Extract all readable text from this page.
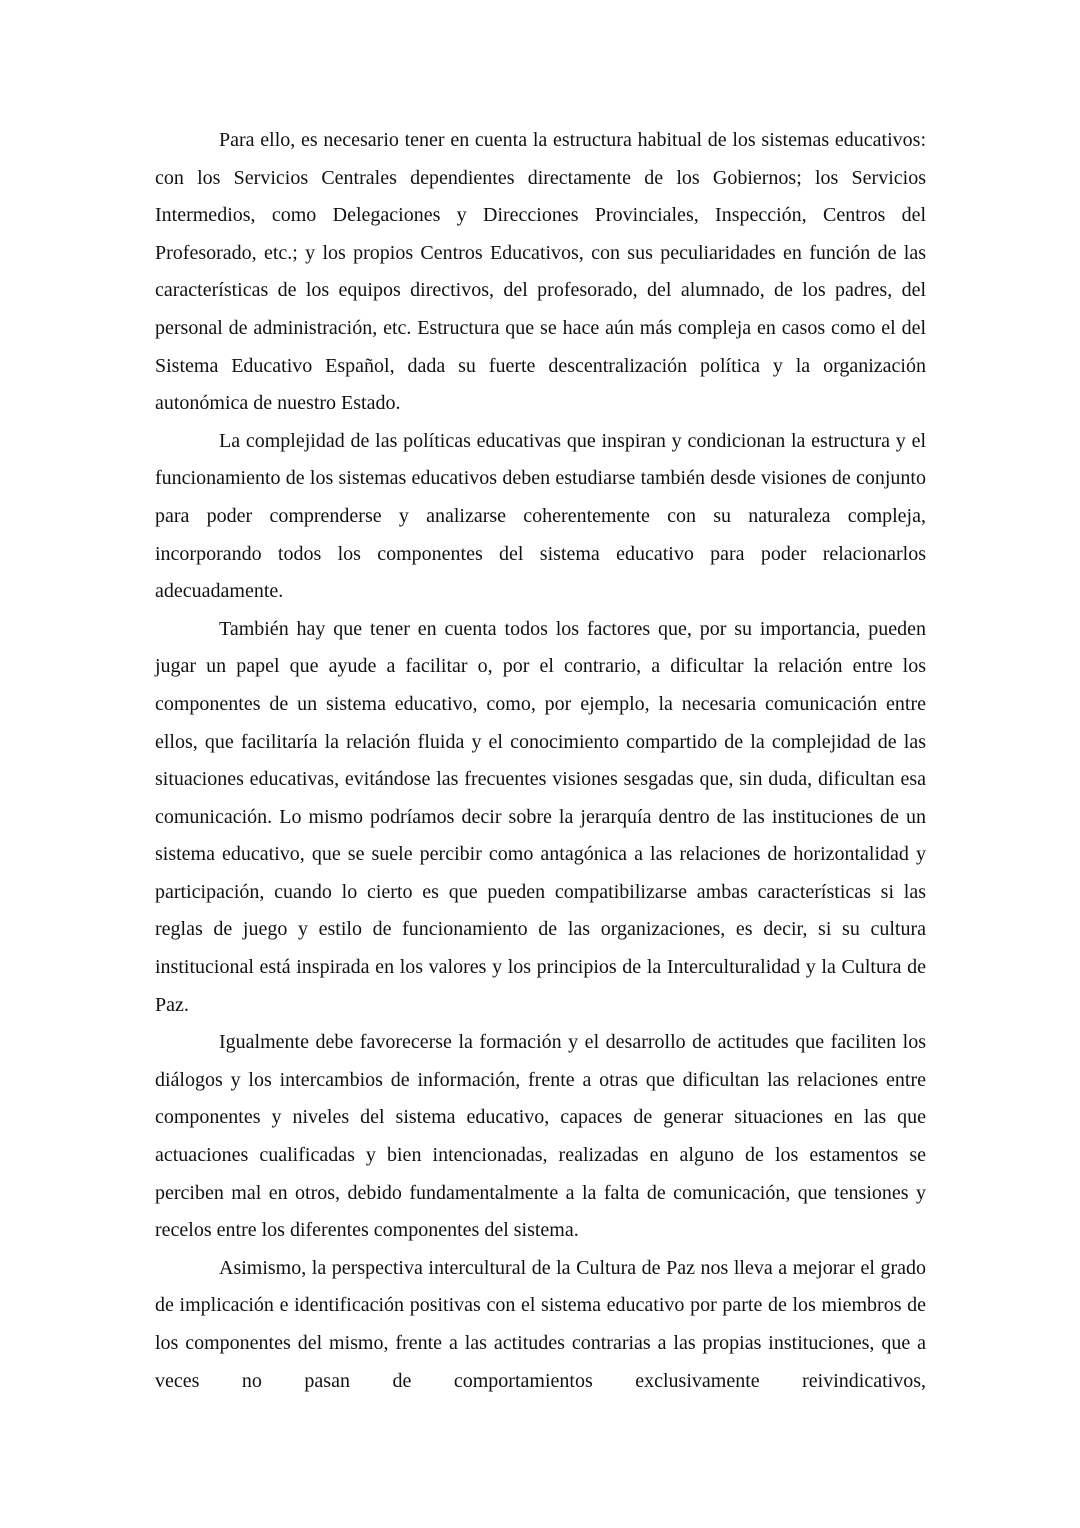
Para ello, es necesario tener en cuenta la estructura habitual de los sistemas educativos: con los Servicios Centrales dependientes directamente de los Gobiernos; los Servicios Intermedios, como Delegaciones y Direcciones Provinciales, Inspección, Centros del Profesorado, etc.; y los propios Centros Educativos, con sus peculiaridades en función de las características de los equipos directivos, del profesorado, del alumnado, de los padres, del personal de administración, etc. Estructura que se hace aún más compleja en casos como el del Sistema Educativo Español, dada su fuerte descentralización política y la organización autonómica de nuestro Estado.

La complejidad de las políticas educativas que inspiran y condicionan la estructura y el funcionamiento de los sistemas educativos deben estudiarse también desde visiones de conjunto para poder comprenderse y analizarse coherentemente con su naturaleza compleja, incorporando todos los componentes del sistema educativo para poder relacionarlos adecuadamente.

También hay que tener en cuenta todos los factores que, por su importancia, pueden jugar un papel que ayude a facilitar o, por el contrario, a dificultar la relación entre los componentes de un sistema educativo, como, por ejemplo, la necesaria comunicación entre ellos, que facilitaría la relación fluida y el conocimiento compartido de la complejidad de las situaciones educativas, evitándose las frecuentes visiones sesgadas que, sin duda, dificultan esa comunicación. Lo mismo podríamos decir sobre la jerarquía dentro de las instituciones de un sistema educativo, que se suele percibir como antagónica a las relaciones de horizontalidad y participación, cuando lo cierto es que pueden compatibilizarse ambas características si las reglas de juego y estilo de funcionamiento de las organizaciones, es decir, si su cultura institucional está inspirada en los valores y los principios de la Interculturalidad y la Cultura de Paz.

Igualmente debe favorecerse la formación y el desarrollo de actitudes que faciliten los diálogos y los intercambios de información, frente a otras que dificultan las relaciones entre componentes y niveles del sistema educativo, capaces de generar situaciones en las que actuaciones cualificadas y bien intencionadas, realizadas en alguno de los estamentos se perciben mal en otros, debido fundamentalmente a la falta de comunicación, que tensiones y recelos entre los diferentes componentes del sistema.

Asimismo, la perspectiva intercultural de la Cultura de Paz nos lleva a mejorar el grado de implicación e identificación positivas con el sistema educativo por parte de los miembros de los componentes del mismo, frente a las actitudes contrarias a las propias instituciones, que a veces no pasan de comportamientos exclusivamente reivindicativos,
